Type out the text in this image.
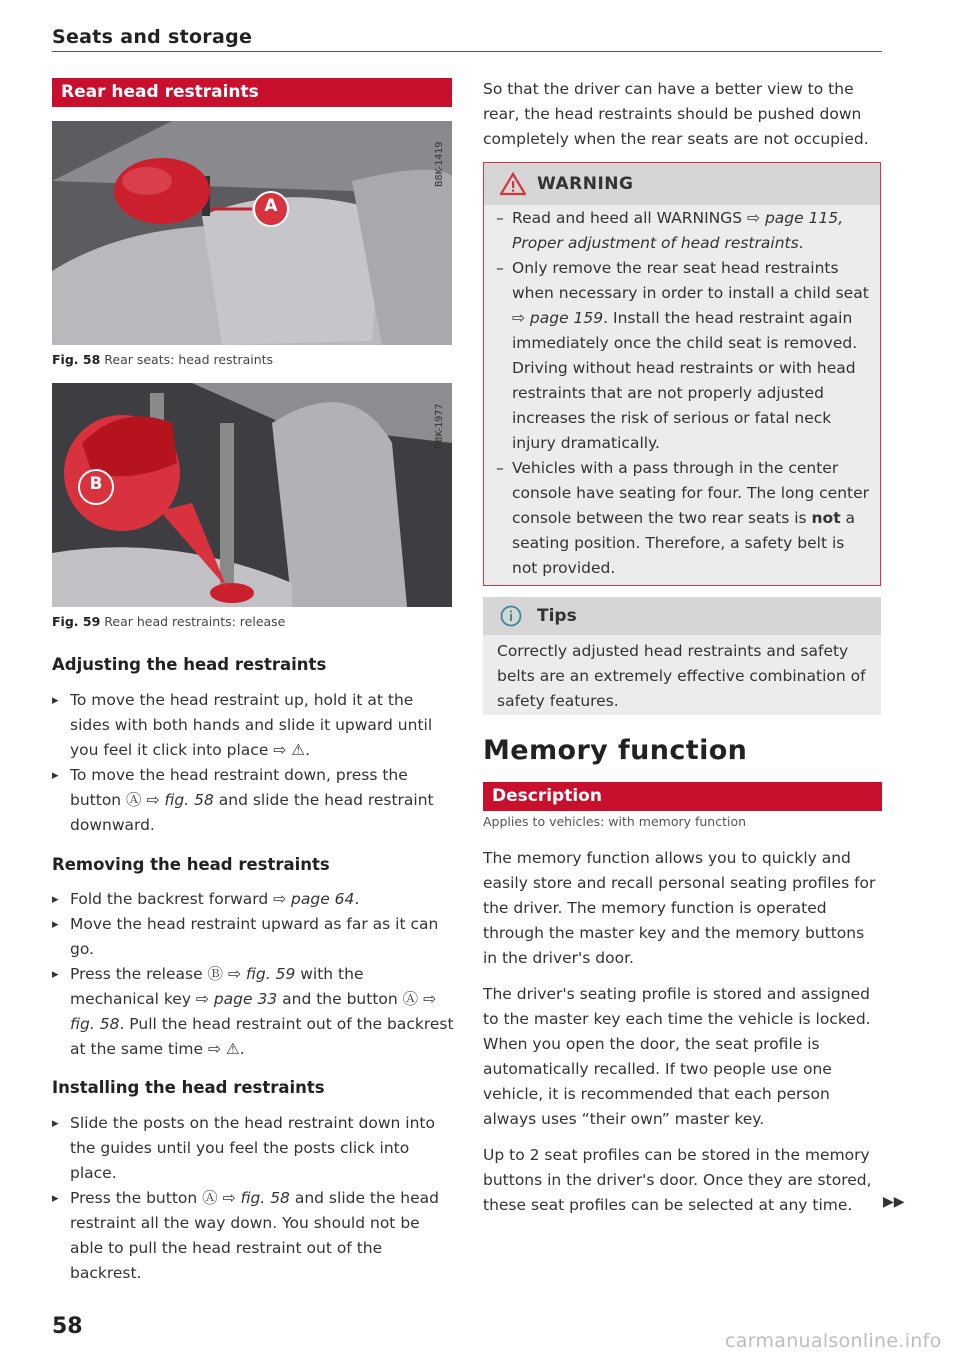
Seats and storage
Rear head restraints
A
B8K-1419
Fig. 58 Rear seats: head restraints
B
B8K-1977
Fig. 59 Rear head restraints: release
Adjusting the head restraints
▸ To move the head restraint up, hold it at the sides with both hands and slide it upward until you feel it click into place ⇨ ⚠.
▸ To move the head restraint down, press the button Ⓐ ⇨ fig. 58 and slide the head restraint downward.
Removing the head restraints
▸ Fold the backrest forward ⇨ page 64.
▸ Move the head restraint upward as far as it can go.
▸ Press the release Ⓑ ⇨ fig. 59 with the mechanical key ⇨ page 33 and the button Ⓐ ⇨ fig. 58. Pull the head restraint out of the backrest at the same time ⇨ ⚠.
Installing the head restraints
▸ Slide the posts on the head restraint down into the guides until you feel the posts click into place.
▸ Press the button Ⓐ ⇨ fig. 58 and slide the head restraint all the way down. You should not be able to pull the head restraint out of the backrest.
58
So that the driver can have a better view to the rear, the head restraints should be pushed down completely when the rear seats are not occupied.
WARNING
– Read and heed all WARNINGS ⇨ page 115, Proper adjustment of head restraints.
– Only remove the rear seat head restraints when necessary in order to install a child seat ⇨ page 159. Install the head restraint again immediately once the child seat is removed. Driving without head restraints or with head restraints that are not properly adjusted increases the risk of serious or fatal neck injury dramatically.
– Vehicles with a pass through in the center console have seating for four. The long center console between the two rear seats is not a seating position. Therefore, a safety belt is not provided.
Tips
Correctly adjusted head restraints and safety belts are an extremely effective combination of safety features.
Memory function
Description
Applies to vehicles: with memory function
The memory function allows you to quickly and easily store and recall personal seating profiles for the driver. The memory function is operated through the master key and the memory buttons in the driver's door.
The driver's seating profile is stored and assigned to the master key each time the vehicle is locked. When you open the door, the seat profile is automatically recalled. If two people use one vehicle, it is recommended that each person always uses “their own” master key.
Up to 2 seat profiles can be stored in the memory buttons in the driver's door. Once they are stored, these seat profiles can be selected at any time.	▶▶
carmanualsonline.info
